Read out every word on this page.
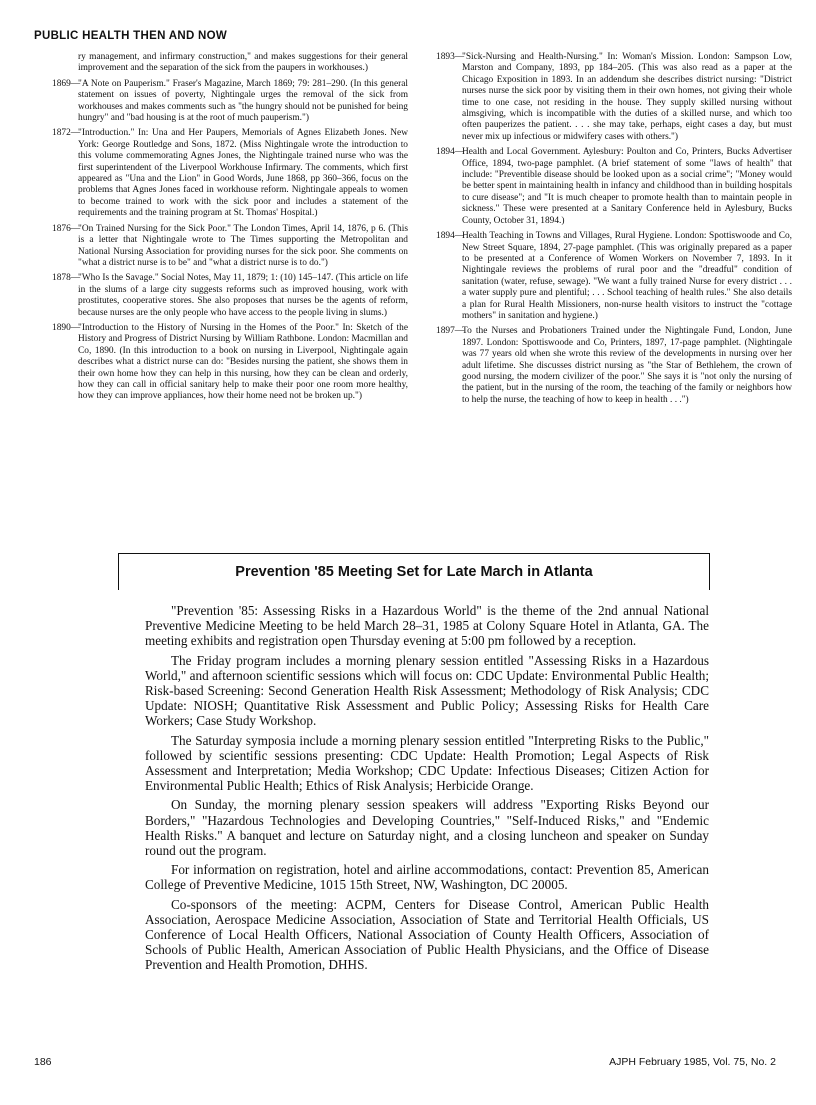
PUBLIC HEALTH THEN AND NOW

ry management, and infirmary construction," and makes suggestions for their general improvement and the separation of the sick from the paupers in workhouses.)

1869—
"A Note on Pauperism." Fraser's Magazine, March 1869; 79: 281–290. (In this general statement on issues of poverty, Nightingale urges the removal of the sick from workhouses and makes comments such as "the hungry should not be punished for being hungry" and "bad housing is at the root of much pauperism.")
1872—
"Introduction." In: Una and Her Paupers, Memorials of Agnes Elizabeth Jones. New York: George Routledge and Sons, 1872. (Miss Nightingale wrote the introduction to this volume commemorating Agnes Jones, the Nightingale trained nurse who was the first superintendent of the Liverpool Workhouse Infirmary. The comments, which first appeared as "Una and the Lion" in Good Words, June 1868, pp 360–366, focus on the problems that Agnes Jones faced in workhouse reform. Nightingale appeals to women to become trained to work with the sick poor and includes a statement of the requirements and the training program at St. Thomas' Hospital.)
1876—
"On Trained Nursing for the Sick Poor." The London Times, April 14, 1876, p 6. (This is a letter that Nightingale wrote to The Times supporting the Metropolitan and National Nursing Association for providing nurses for the sick poor. She comments on "what a district nurse is to be" and "what a district nurse is to do.")
1878—
"Who Is the Savage." Social Notes, May 11, 1879; 1: (10) 145–147. (This article on life in the slums of a large city suggests reforms such as improved housing, work with prostitutes, cooperative stores. She also proposes that nurses be the agents of reform, because nurses are the only people who have access to the people living in slums.)
1890—
"Introduction to the History of Nursing in the Homes of the Poor." In: Sketch of the History and Progress of District Nursing by William Rathbone. London: Macmillan and Co, 1890. (In this introduction to a book on nursing in Liverpool, Nightingale again describes what a district nurse can do: "Besides nursing the patient, she shows them in their own home how they can help in this nursing, how they can be clean and orderly, how they can call in official sanitary help to make their poor one room more healthy, how they can improve appliances, how their home need not be broken up.")
1893—
"Sick-Nursing and Health-Nursing." In: Woman's Mission. London: Sampson Low, Marston and Company, 1893, pp 184–205. (This was also read as a paper at the Chicago Exposition in 1893. In an addendum she describes district nursing: "District nurses nurse the sick poor by visiting them in their own homes, not giving their whole time to one case, not residing in the house. They supply skilled nursing without almsgiving, which is incompatible with the duties of a skilled nurse, and which too often pauperizes the patient. . . . she may take, perhaps, eight cases a day, but must never mix up infectious or midwifery cases with others.")
1894—
Health and Local Government. Aylesbury: Poulton and Co, Printers, Bucks Advertiser Office, 1894, two-page pamphlet. (A brief statement of some "laws of health" that include: "Preventible disease should be looked upon as a social crime"; "Money would be better spent in maintaining health in infancy and childhood than in building hospitals to cure disease"; and "It is much cheaper to promote health than to maintain people in sickness." These were presented at a Sanitary Conference held in Aylesbury, Bucks County, October 31, 1894.)
1894—
Health Teaching in Towns and Villages, Rural Hygiene. London: Spottiswoode and Co, New Street Square, 1894, 27-page pamphlet. (This was originally prepared as a paper to be presented at a Conference of Women Workers on November 7, 1893. In it Nightingale reviews the problems of rural poor and the "dreadful" condition of sanitation (water, refuse, sewage). "We want a fully trained Nurse for every district . . . a water supply pure and plentiful; . . . School teaching of health rules." She also details a plan for Rural Health Missioners, non-nurse health visitors to instruct the "cottage mothers" in sanitation and hygiene.)
1897—
To the Nurses and Probationers Trained under the Nightingale Fund, London, June 1897. London: Spottiswoode and Co, Printers, 1897, 17-page pamphlet. (Nightingale was 77 years old when she wrote this review of the developments in nursing over her adult lifetime. She discusses district nursing as "the Star of Bethlehem, the crown of good nursing, the modern civilizer of the poor." She says it is "not only the nursing of the patient, but in the nursing of the room, the teaching of the family or neighbors how to help the nurse, the teaching of how to keep in health . . .")
Prevention '85 Meeting Set for Late March in Atlanta

"Prevention '85: Assessing Risks in a Hazardous World" is the theme of the 2nd annual National Preventive Medicine Meeting to be held March 28–31, 1985 at Colony Square Hotel in Atlanta, GA. The meeting exhibits and registration open Thursday evening at 5:00 pm followed by a reception.

The Friday program includes a morning plenary session entitled "Assessing Risks in a Hazardous World," and afternoon scientific sessions which will focus on: CDC Update: Environmental Public Health; Risk-based Screening: Second Generation Health Risk Assessment; Methodology of Risk Analysis; CDC Update: NIOSH; Quantitative Risk Assessment and Public Policy; Assessing Risks for Health Care Workers; Case Study Workshop.

The Saturday symposia include a morning plenary session entitled "Interpreting Risks to the Public," followed by scientific sessions presenting: CDC Update: Health Promotion; Legal Aspects of Risk Assessment and Interpretation; Media Workshop; CDC Update: Infectious Diseases; Citizen Action for Environmental Public Health; Ethics of Risk Analysis; Herbicide Orange.

On Sunday, the morning plenary session speakers will address "Exporting Risks Beyond our Borders," "Hazardous Technologies and Developing Countries," "Self-Induced Risks," and "Endemic Health Risks." A banquet and lecture on Saturday night, and a closing luncheon and speaker on Sunday round out the program.

For information on registration, hotel and airline accommodations, contact: Prevention 85, American College of Preventive Medicine, 1015 15th Street, NW, Washington, DC 20005.

Co-sponsors of the meeting: ACPM, Centers for Disease Control, American Public Health Association, Aerospace Medicine Association, Association of State and Territorial Health Officials, US Conference of Local Health Officers, National Association of County Health Officers, Association of Schools of Public Health, American Association of Public Health Physicians, and the Office of Disease Prevention and Health Promotion, DHHS.

186	AJPH February 1985, Vol. 75, No. 2
